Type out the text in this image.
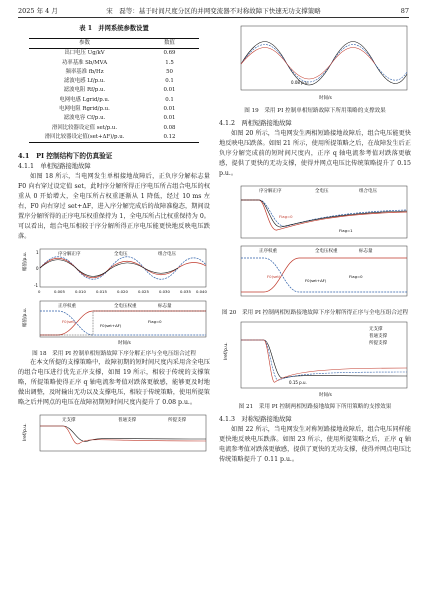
2025 年 4 月	宋　磊等：基于时间尺度分区的并网变流器不对称故障下快速无功支撑策略	87
表 1　并网系统参数设置
参数	数值
出口电压 Ug/kV	0.69
功率基准 Sb/MVA	1.5
频率基准 fb/Hz	50
滤波电感 Lf/p.u.	0.1
滤波电阻 Rf/p.u.	0.01
电网电感 Lgrid/p.u.	0.1
电网电阻 Rgrid/p.u.	0.01
滤波电容 Cf/p.u.	0.01
滑回比较器设定值 set/p.u.	0.08
滑回比较器设定值(set+ΔF)/p.u.	0.12
4.1　PI 控制结构下的仿真验证
4.1.1　单相短路接地故障

如图 18 所示，当电网发生单相接地故障后，正负序分解标志量 F0 向右穿过设定值 set，此时序分解所得正序电压所占组合电压的权重从 0 开始增大，全电压所占权重逐渐从 1 降低，经过 10 ms 左右，F0 向右穿过 set+ΔF，进入序分解完成后的故障准稳态，期间设置序分解所得的正序电压权重保持为 1，全电压所占比权重保持为 0。可以看出，组合电压相较于序分解所得正序电压能更快地反映电压跌落。

序分解正序	全电压	组合电压
幅值/p.u. 1
0
-1
0	0.005	0.010	0.015	0.020	0.025	0.030	0.035 0.040
正序权重	全电压权重	标志量
F0(set)
F0(set+ΔF)
Flag=0
幅值/p.u.
时间/s
图 18　采用 PI 控制单相短路故障下序分解正序与全电压组合过程

在本文所提的支撑策略中，故障初期的短时间尺度内采用含全电压的组合电压进行优先正序支撑，如图 19 所示，相较于传统的支撑策略，所提策略使得正序 q 轴电流参考值对跌落更敏感，能够更及时地做出调整，及时输出无功以及支撑电压，相较于传统策略，使用所提策略之后并网点的电压在故障初期短时间尺度内提升了 0.08 p.u.。

无支撑	普通支撑	所提支撑
Iref/p.u.
0.08 p.u.
时间/s
图 19　采用 PI 控制单相短路故障下所用策略的支撑效果
4.1.2　两相短路接地故障

如图 20 所示，当电网发生两相短路接地故障后，组合电压能更快地反映电压跌落。如图 21 所示，使用所提策略之后，在故障发生后正负序分解完成前的短时间尺度内，正序 q 轴电流参考值对跌落更敏感，提供了更快的无功支撑，使得并网点电压比传统策略提升了 0.15 p.u.。

序分解正序	全电压	组合电压
Flag=0
Flag=1
正序权重	全电压权重	标志量
F0(set)
F0(set+ΔF)
Flag=0
图 20　采用 PI 控制两相短路接地故障下序分解所得正序与全电压组合过程
无支撑
普通支撑
所提支撑
0.15 p.u.
Iref/p.u.
时间/s
图 21　采用 PI 控制两相短路接地故障下所用策略的支撑效果
4.1.3　对称短路接地故障

如图 22 所示，当电网发生对称短路接地故障后，组合电压同样能更快地反映电压跌落。如图 23 所示，使用所提策略之后，正序 q 轴电流参考值对跌落更敏感，提供了更快的无功支撑，使得并网点电压比传统策略提升了 0.11 p.u.。
